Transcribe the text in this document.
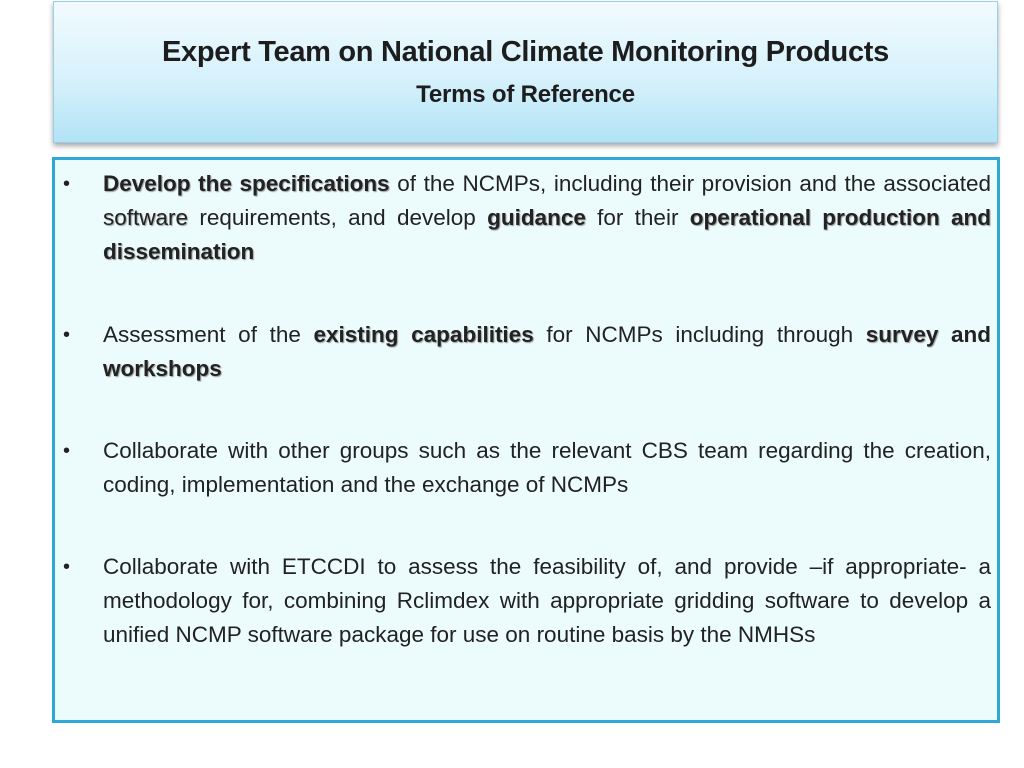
Expert Team on National Climate Monitoring Products
Terms of Reference
• Develop the specifications of the NCMPs, including their provision and the associated software requirements, and develop guidance for their operational production and dissemination
• Assessment of the existing capabilities for NCMPs including through survey and workshops
• Collaborate with other groups such as the relevant CBS team regarding the creation, coding, implementation and the exchange of NCMPs
• Collaborate with ETCCDI to assess the feasibility of, and provide –if appropriate- a methodology for, combining Rclimdex with appropriate gridding software to develop a unified NCMP software package for use on routine basis by the NMHSs
